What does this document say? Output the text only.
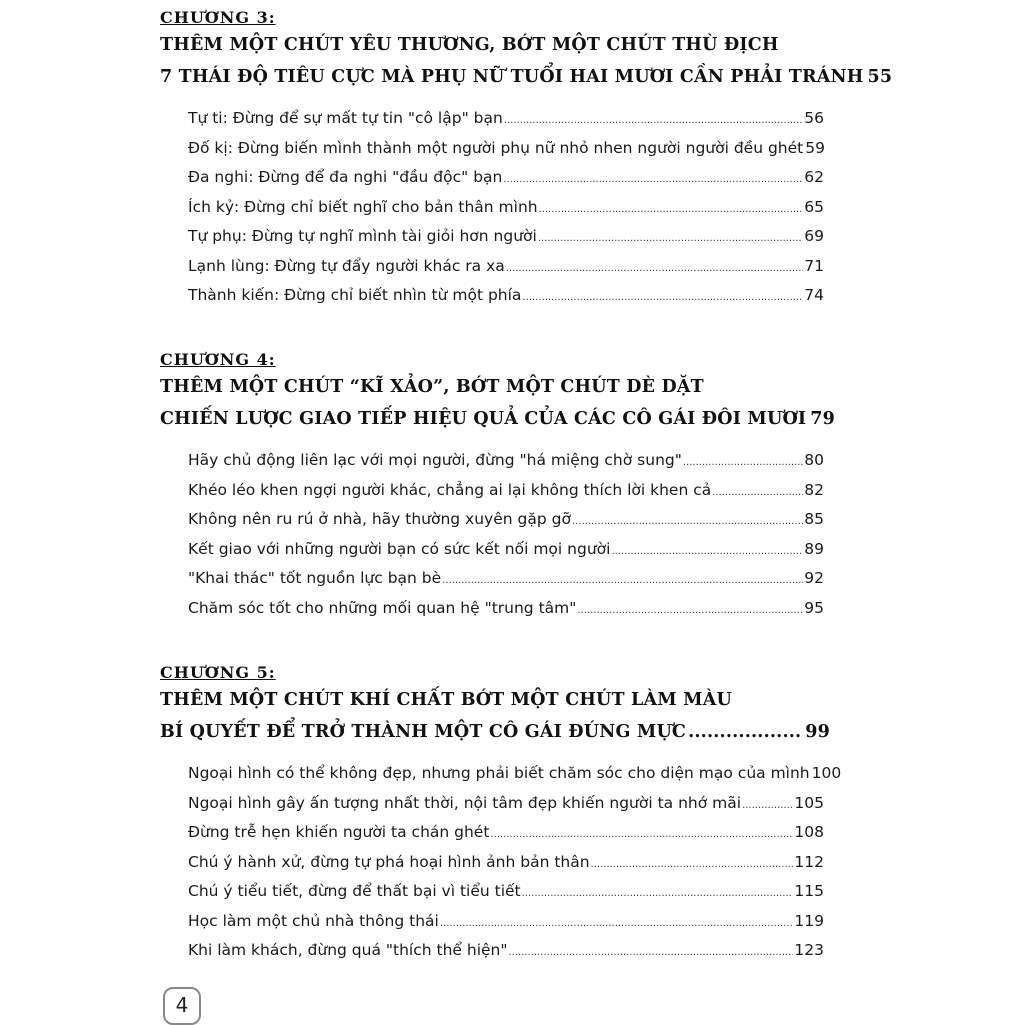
CHƯƠNG 3:
THÊM MỘT CHÚT YÊU THƯƠNG, BỚT MỘT CHÚT THÙ ĐỊCH
7 THÁI ĐỘ TIÊU CỰC MÀ PHỤ NỮ TUỔI HAI MƯƠI CẦN PHẢI TRÁNH 55
Tự ti: Đừng để sự mất tự tin "cô lập" bạn .....	56
Đố kị: Đừng biến mình thành một người phụ nữ nhỏ nhen người người đều ghét 59
Đa nghi: Đừng để đa nghi "đầu độc" bạn .....	62
Ích kỷ: Đừng chỉ biết nghĩ cho bản thân mình .....	65
Tự phụ: Đừng tự nghĩ mình tài giỏi hơn người .....	69
Lạnh lùng: Đừng tự đẩy người khác ra xa .....	71
Thành kiến: Đừng chỉ biết nhìn từ một phía .....	74
CHƯƠNG 4:
THÊM MỘT CHÚT “KĨ XẢO”, BỚT MỘT CHÚT DÈ DẶT
CHIẾN LƯỢC GIAO TIẾP HIỆU QUẢ CỦA CÁC CÔ GÁI ĐÔI MƯƠI 79
Hãy chủ động liên lạc với mọi người, đừng "há miệng chờ sung" .....	80
Khéo léo khen ngợi người khác, chẳng ai lại không thích lời khen cả .....	82
Không nên ru rú ở nhà, hãy thường xuyên gặp gỡ .....	85
Kết giao với những người bạn có sức kết nối mọi người .....	89
"Khai thác" tốt nguồn lực bạn bè .....	92
Chăm sóc tốt cho những mối quan hệ "trung tâm" .....	95
CHƯƠNG 5:
THÊM MỘT CHÚT KHÍ CHẤT BỚT MỘT CHÚT LÀM MÀU
BÍ QUYẾT ĐỂ TRỞ THÀNH MỘT CÔ GÁI ĐÚNG MỰC .....	99
Ngoại hình có thể không đẹp, nhưng phải biết chăm sóc cho diện mạo của mình 100
Ngoại hình gây ấn tượng nhất thời, nội tâm đẹp khiến người ta nhớ mãi .....	105
Đừng trễ hẹn khiến người ta chán ghét .....	108
Chú ý hành xử, đừng tự phá hoại hình ảnh bản thân .....	112
Chú ý tiểu tiết, đừng để thất bại vì tiểu tiết .....	115
Học làm một chủ nhà thông thái .....	119
Khi làm khách, đừng quá "thích thể hiện" .....	123
4
